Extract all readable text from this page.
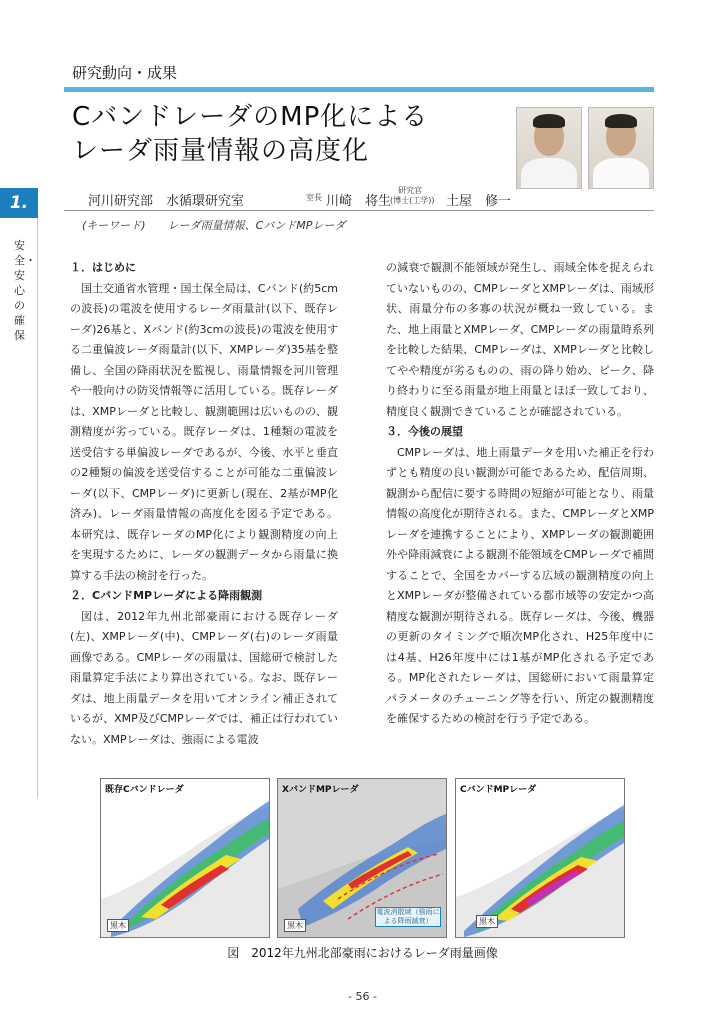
研究動向・成果
CバンドレーダのMP化による
レーダ雨量情報の高度化
1.
安全・安心の確保
河川研究部　水循環研究室	室長 川崎　将生
研究官
(博士(工学)) 土屋　修一
(キーワード)　　レーダ雨量情報、CバンドMPレーダ

１．はじめに

国土交通省水管理・国土保全局は、Cバンド(約5cmの波長)の電波を使用するレーダ雨量計(以下、既存レーダ)26基と、Xバンド(約3cmの波長)の電波を使用する二重偏波レーダ雨量計(以下、XMPレーダ)35基を整備し、全国の降雨状況を監視し、雨量情報を河川管理や一般向けの防災情報等に活用している。既存レーダは、XMPレーダと比較し、観測範囲は広いものの、観測精度が劣っている。既存レーダは、1種類の電波を送受信する単偏波レーダであるが、今後、水平と垂直の2種類の偏波を送受信することが可能な二重偏波レーダ(以下、CMPレーダ)に更新し(現在、2基がMP化済み)、レーダ雨量情報の高度化を図る予定である。本研究は、既存レーダのMP化により観測精度の向上を実現するために、レーダの観測データから雨量に換算する手法の検討を行った。

２．CバンドMPレーダによる降雨観測

図は、2012年九州北部豪雨における既存レーダ(左)、XMPレーダ(中)、CMPレーダ(右)のレーダ雨量画像である。CMPレーダの雨量は、国総研で検討した雨量算定手法により算出されている。なお、既存レーダは、地上雨量データを用いてオンライン補正されているが、XMP及びCMPレーダでは、補正は行われていない。XMPレーダは、強雨による電波

の減衰で観測不能領域が発生し、雨域全体を捉えられていないものの、CMPレーダとXMPレーダは、雨域形状、雨量分布の多寡の状況が概ね一致している。また、地上雨量とXMPレーダ、CMPレーダの雨量時系列を比較した結果、CMPレーダは、XMPレーダと比較してやや精度が劣るものの、雨の降り始め、ピーク、降り終わりに至る雨量が地上雨量とほぼ一致しており、精度良く観測できていることが確認されている。

３．今後の展望

CMPレーダは、地上雨量データを用いた補正を行わずとも精度の良い観測が可能であるため、配信周期、観測から配信に要する時間の短縮が可能となり、雨量情報の高度化が期待される。また、CMPレーダとXMPレーダを連携することにより、XMPレーダの観測範囲外や降雨減衰による観測不能領域をCMPレーダで補間することで、全国をカバーする広域の観測精度の向上とXMPレーダが整備されている都市域等の安定かつ高精度な観測が期待される。既存レーダは、今後、機器の更新のタイミングで順次MP化され、H25年度中には4基、H26年度中には1基がMP化される予定である。MP化されたレーダは、国総研において雨量算定パラメータのチューニング等を行い、所定の観測精度を確保するための検討を行う予定である。

既存Cバンドレーダ
黒木
XバンドMPレーダ
黒木
電波消散域（強雨による降雨減衰）
CバンドMPレーダ
黒木
図　2012年九州北部豪雨におけるレーダ雨量画像
- 56 -
